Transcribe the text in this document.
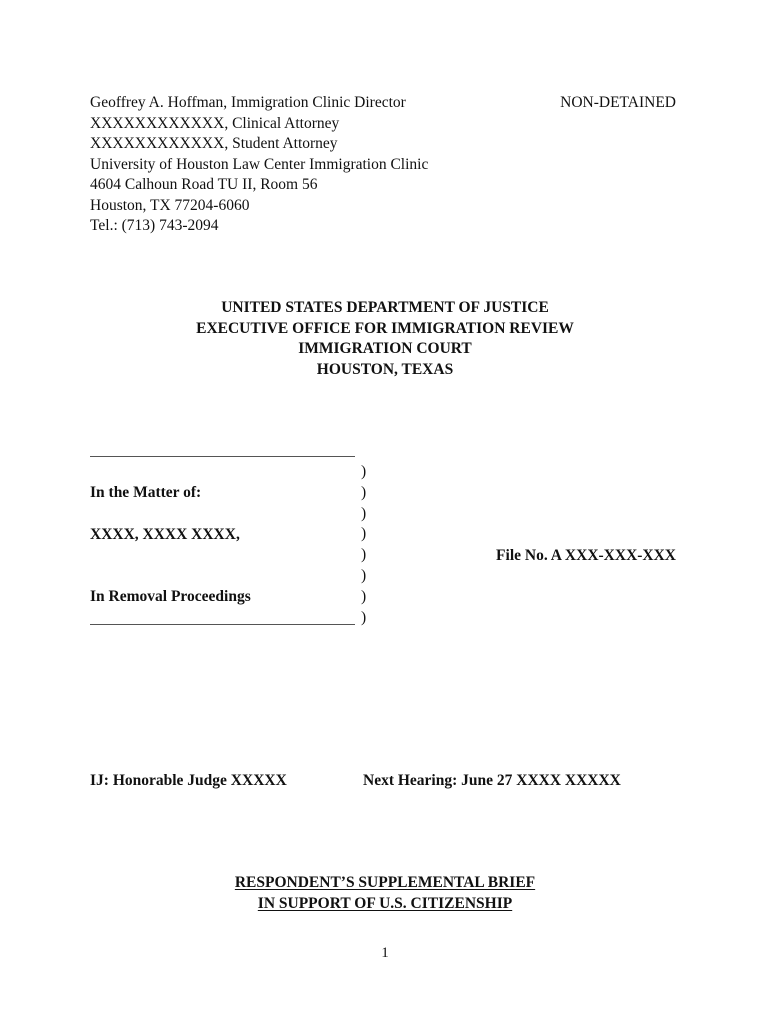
Geoffrey A. Hoffman, Immigration Clinic Director
XXXXXXXXXXXX, Clinical Attorney
XXXXXXXXXXXX, Student Attorney
University of Houston Law Center Immigration Clinic
4604 Calhoun Road TU II, Room 56
Houston, TX 77204-6060
Tel.: (713) 743-2094
NON-DETAINED
UNITED STATES DEPARTMENT OF JUSTICE
EXECUTIVE OFFICE FOR IMMIGRATION REVIEW
IMMIGRATION COURT
HOUSTON, TEXAS
In the Matter of:
XXXX, XXXX XXXX,
In Removal Proceedings
)
)
)
)
)
)
)
)
File No. A XXX-XXX-XXX
IJ: Honorable Judge XXXXX	Next Hearing: June 27 XXXX XXXXX
RESPONDENT’S SUPPLEMENTAL BRIEF
IN SUPPORT OF U.S. CITIZENSHIP
1
